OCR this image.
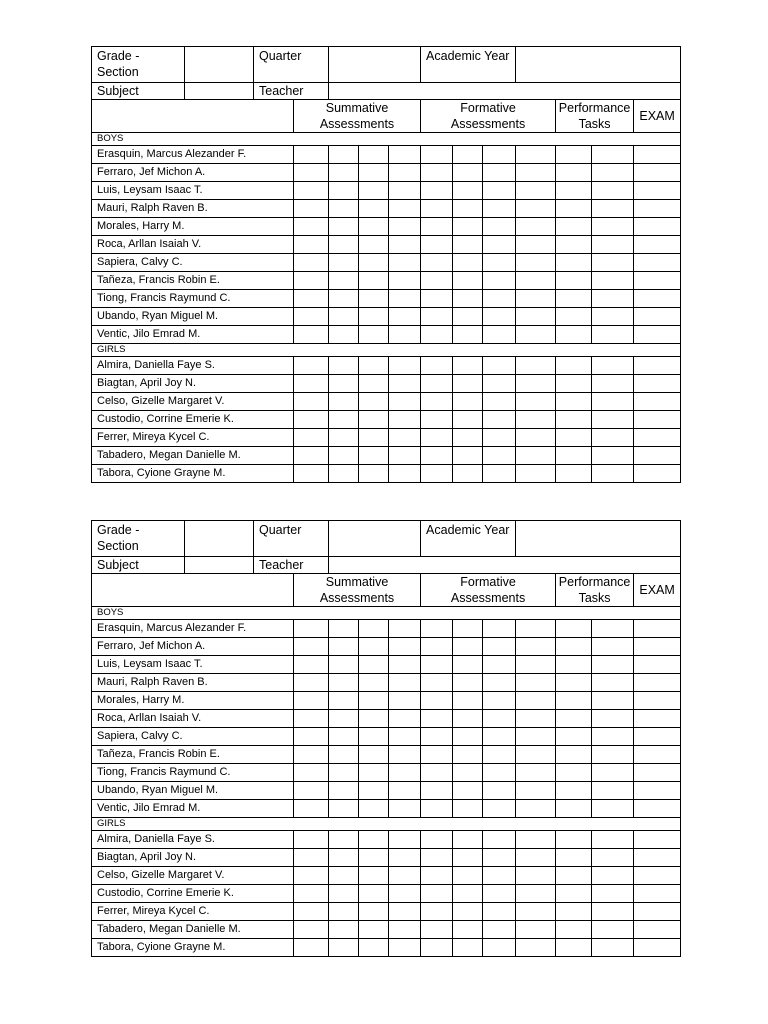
Grade - Section		Quarter					Academic Year						
Subject		Teacher											
			Summative Assessments				Formative Assessments				Performance Tasks		EXAM
BOYS													
Erasquin, Marcus Alezander F.													
Ferraro, Jef Michon A.													
Luis, Leysam Isaac T.													
Mauri, Ralph Raven B.													
Morales, Harry M.													
Roca, Arllan Isaiah V.													
Sapiera, Calvy C.													
Tañeza, Francis Robin E.													
Tiong, Francis Raymund C.													
Ubando, Ryan Miguel M.													
Ventic, Jilo Emrad M.													
GIRLS													
Almira, Daniella Faye S.													
Biagtan, April Joy N.													
Celso, Gizelle Margaret V.													
Custodio, Corrine Emerie K.													
Ferrer, Mireya Kycel C.													
Tabadero, Megan Danielle M.													
Tabora, Cyione Grayne M.													
Grade - Section		Quarter					Academic Year						
Subject		Teacher											
			Summative Assessments				Formative Assessments				Performance Tasks		EXAM
BOYS													
Erasquin, Marcus Alezander F.													
Ferraro, Jef Michon A.													
Luis, Leysam Isaac T.													
Mauri, Ralph Raven B.													
Morales, Harry M.													
Roca, Arllan Isaiah V.													
Sapiera, Calvy C.													
Tañeza, Francis Robin E.													
Tiong, Francis Raymund C.													
Ubando, Ryan Miguel M.													
Ventic, Jilo Emrad M.													
GIRLS													
Almira, Daniella Faye S.													
Biagtan, April Joy N.													
Celso, Gizelle Margaret V.													
Custodio, Corrine Emerie K.													
Ferrer, Mireya Kycel C.													
Tabadero, Megan Danielle M.													
Tabora, Cyione Grayne M.													
